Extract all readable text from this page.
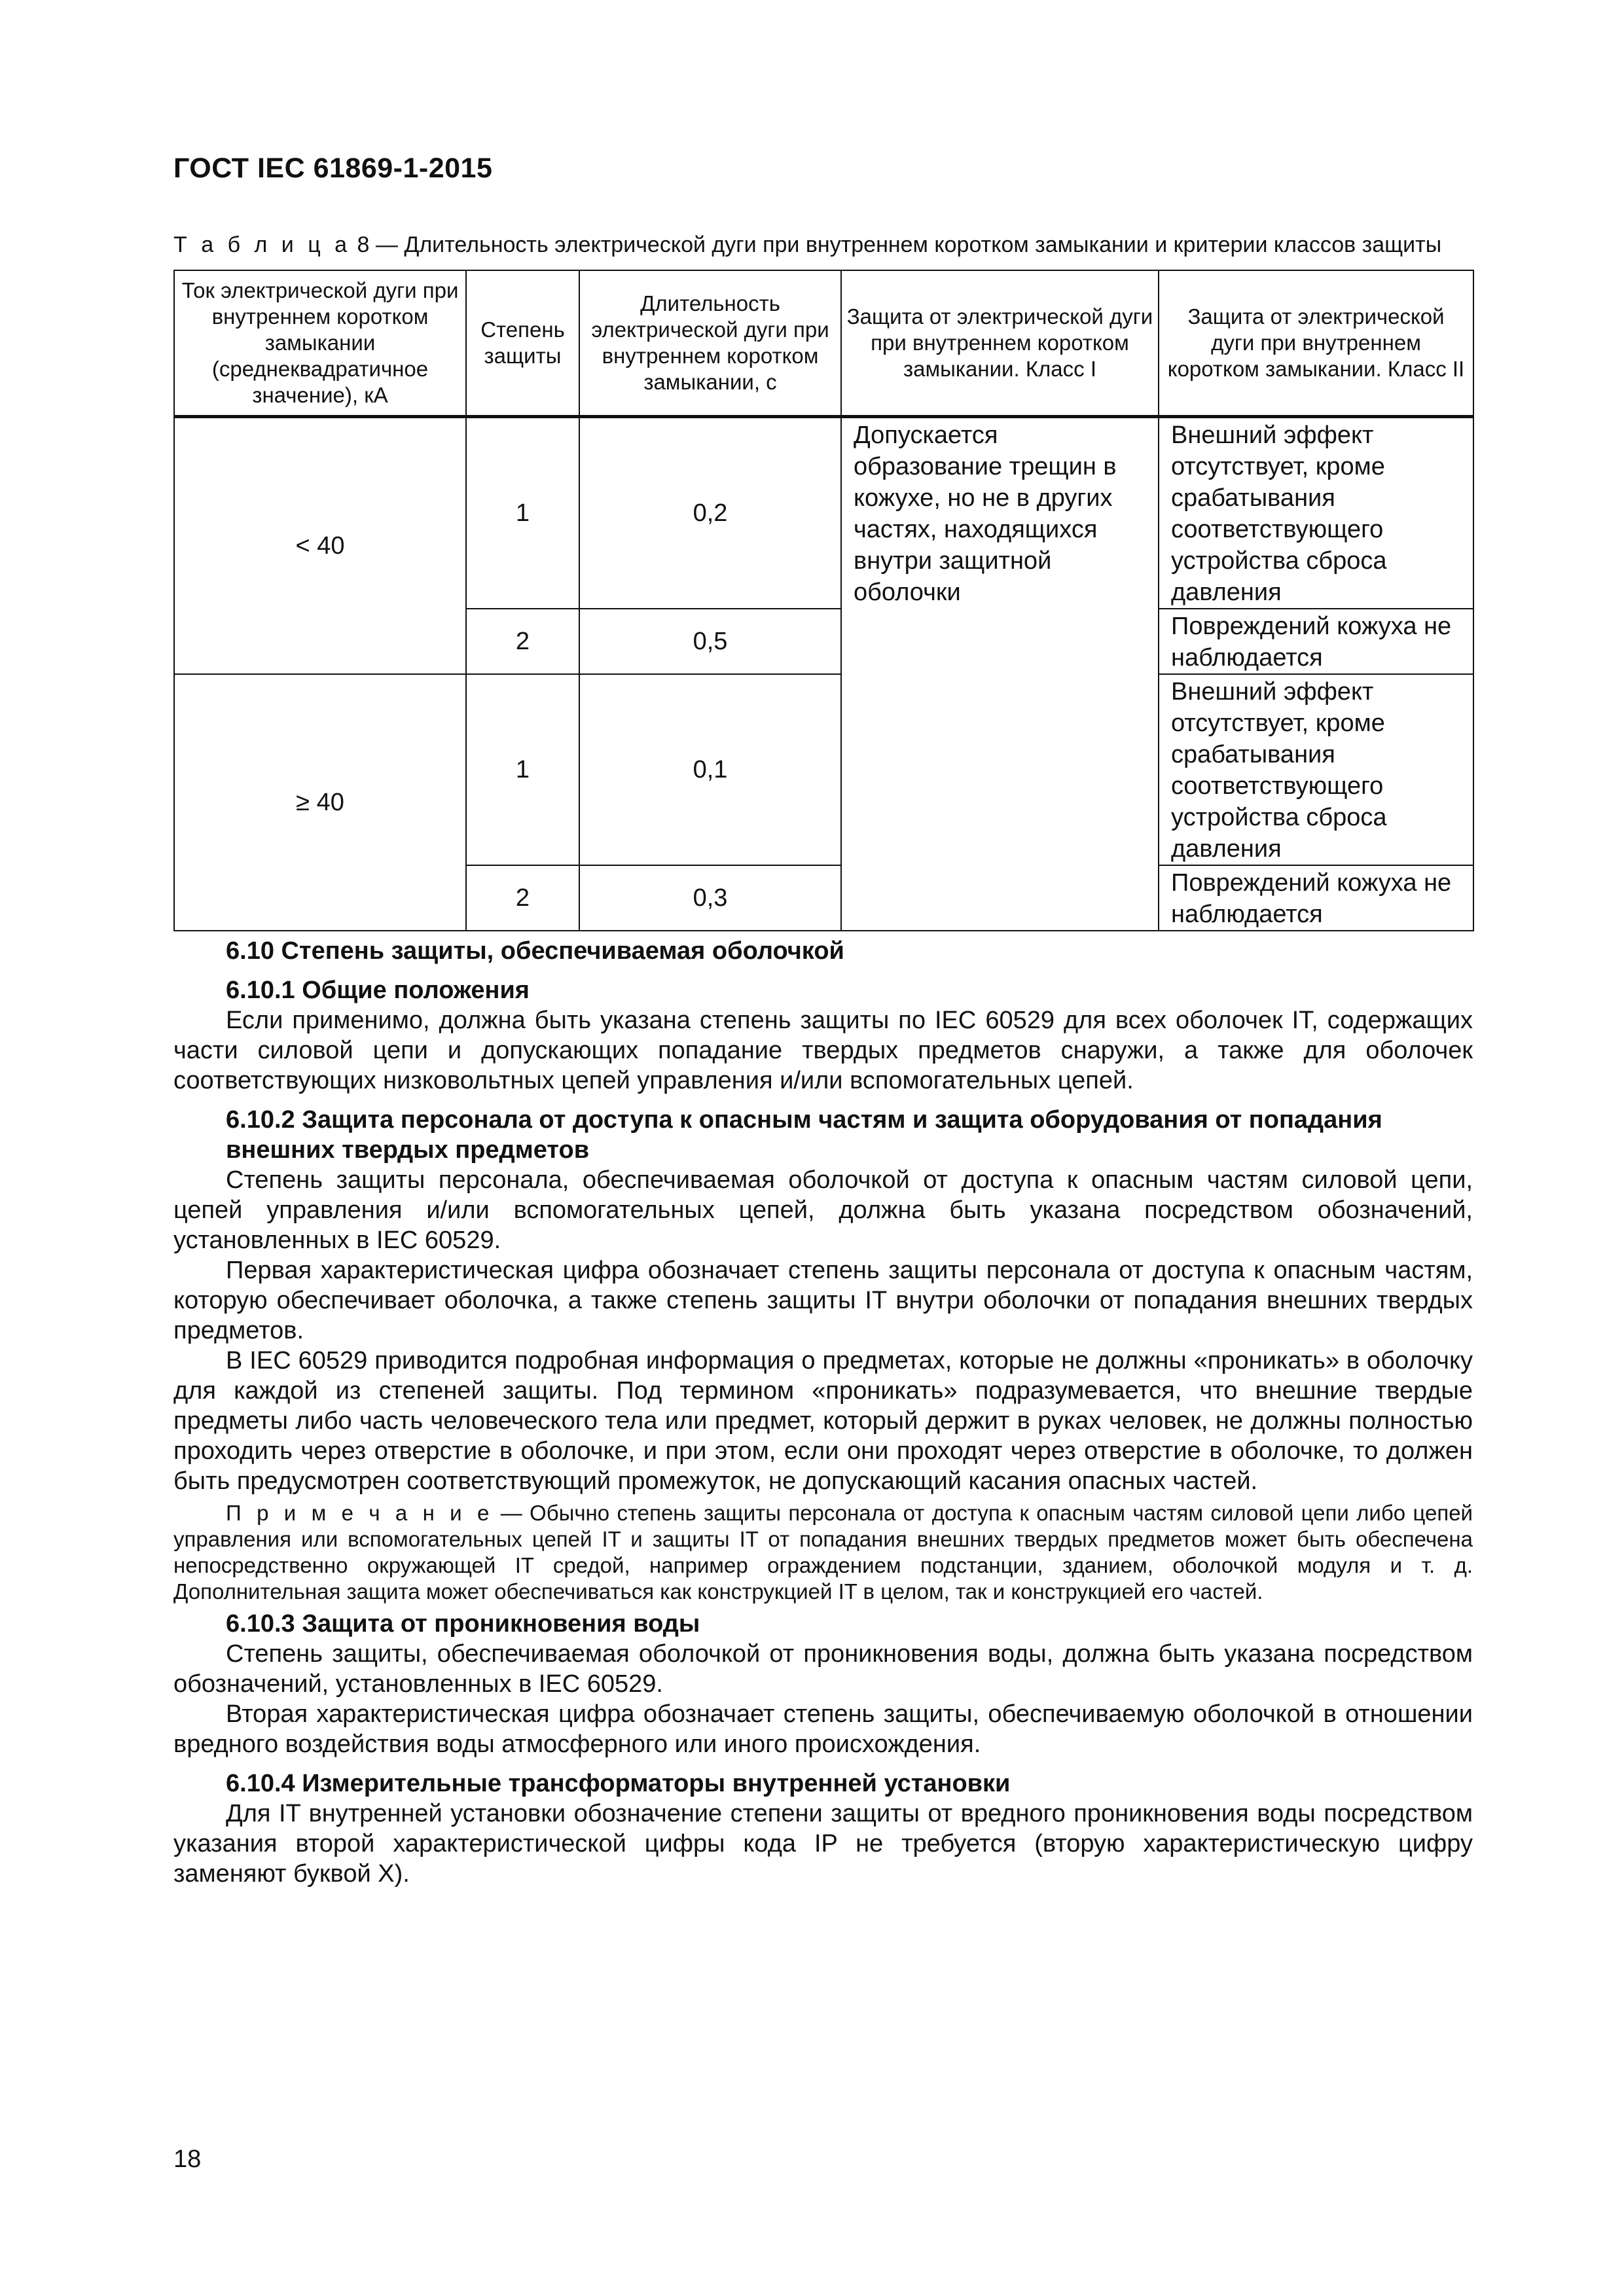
ГОСТ IEC 61869-1-2015
Т а б л и ц а 8 — Длительность электрической дуги при внутреннем коротком замыкании и критерии классов защиты
Ток электрической дуги при внутреннем коротком замыкании (среднеквадратичное значение), кА	Степень защиты	Длительность электрической дуги при внутреннем коротком замыкании, с	Защита от электрической дуги при внутреннем коротком замыкании. Класс I	Защита от электрической дуги при внутреннем коротком замыкании. Класс II
< 40	1	0,2	Допускается образование трещин в кожухе, но не в других частях, находящихся внутри защитной оболочки	Внешний эффект отсутствует, кроме срабатывания соответствующего устройства сброса давления
	2	0,5		Повреждений кожуха не наблюдается
≥ 40	1	0,1		Внешний эффект отсутствует, кроме срабатывания соответствующего устройства сброса давления
	2	0,3		Повреждений кожуха не наблюдается
6.10 Степень защиты, обеспечиваемая оболочкой
6.10.1 Общие положения

Если применимо, должна быть указана степень защиты по IEC 60529 для всех оболочек IT, содержащих части силовой цепи и допускающих попадание твердых предметов снаружи, а также для оболочек соответствующих низковольтных цепей управления и/или вспомогательных цепей.

6.10.2 Защита персонала от доступа к опасным частям и защита оборудования от попадания внешних твердых предметов

Степень защиты персонала, обеспечиваемая оболочкой от доступа к опасным частям силовой цепи, цепей управления и/или вспомогательных цепей, должна быть указана посредством обозначений, установленных в IEC 60529.

Первая характеристическая цифра обозначает степень защиты персонала от доступа к опасным частям, которую обеспечивает оболочка, а также степень защиты IT внутри оболочки от попадания внешних твердых предметов.

В IEC 60529 приводится подробная информация о предметах, которые не должны «проникать» в оболочку для каждой из степеней защиты. Под термином «проникать» подразумевается, что внешние твердые предметы либо часть человеческого тела или предмет, который держит в руках человек, не должны полностью проходить через отверстие в оболочке, и при этом, если они проходят через отверстие в оболочке, то должен быть предусмотрен соответствующий промежуток, не допускающий касания опасных частей.

П р и м е ч а н и е — Обычно степень защиты персонала от доступа к опасным частям силовой цепи либо цепей управления или вспомогательных цепей IT и защиты IT от попадания внешних твердых предметов может быть обеспечена непосредственно окружающей IT средой, например ограждением подстанции, зданием, оболочкой модуля и т. д. Дополнительная защита может обеспечиваться как конструкцией IT в целом, так и конструкцией его частей.

6.10.3 Защита от проникновения воды

Степень защиты, обеспечиваемая оболочкой от проникновения воды, должна быть указана посредством обозначений, установленных в IEC 60529.

Вторая характеристическая цифра обозначает степень защиты, обеспечиваемую оболочкой в отношении вредного воздействия воды атмосферного или иного происхождения.

6.10.4 Измерительные трансформаторы внутренней установки

Для IT внутренней установки обозначение степени защиты от вредного проникновения воды посредством указания второй характеристической цифры кода IP не требуется (вторую характеристическую цифру заменяют буквой Х).

18
